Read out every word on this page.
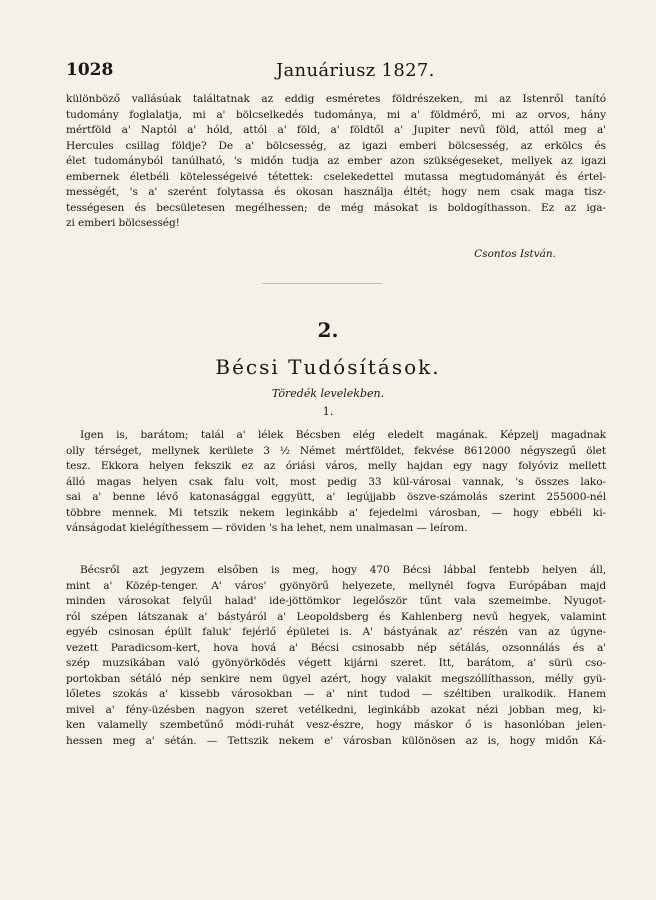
1028	Januáriusz 1827.

különböző vallásúak találtatnak az eddig esméretes földrészeken, mi az Istenről tanító

tudomány foglalatja, mi a' bölcselkedés tudománya, mi a' földmérő, mi az orvos, hány

mértföld a' Naptól a' hóld, attól a' föld, a' földtől a' Jupiter nevű föld, attól meg a'

Hercules csillag földje? De a' bölcsesség, az igazi emberi bölcsesség, az erkölcs és

élet tudományból tanúlható, 's midőn tudja az ember azon szükségeseket, mellyek az igazi

embernek életbéli kötelességeivé tétettek: cselekedettel mutassa megtudományát és értel-

mességét, 's a' szerént folytassa és okosan használja éltét; hogy nem csak maga tisz-

tességesen és becsületesen megélhessen; de még másokat is boldogíthasson. Ez az iga-

zi emberi bölcsesség!

Csontos István.
2.
Bécsi Tudósítások.
Töredék levelekben.
1.

Igen is, barátom; talál a' lélek Bécsben elég eledelt magának. Képzelj magadnak

olly térséget, mellynek kerülete 3 ½ Német mértföldet, fekvése 8612000 négyszegű ölet

tesz. Ekkora helyen fekszik ez az óriási város, melly hajdan egy nagy folyóviz mellett

álló magas helyen csak falu volt, most pedig 33 kül-városai vannak, 's összes lako-

sai a' benne lévő katonasággal eggyütt, a' legújjabb öszve-számolás szerint 255000-nél

többre mennek. Mi tetszik nekem leginkább a' fejedelmi városban, — hogy ebbéli ki-

vánságodat kielégíthessem — röviden 's ha lehet, nem unalmasan — leírom.

Bécsről azt jegyzem elsőben is meg, hogy 470 Bécsi lábbal fentebb helyen áll,

mint a' Közép-tenger. A' város' gyönyörű helyezete, mellynél fogva Európában majd

minden városokat felyűl halad' ide-jöttömkor legelőször tűnt vala szemeimbe. Nyugot-

ról szépen látszanak a' bástyáról a' Leopoldsberg és Kahlenberg nevű hegyek, valamint

egyéb csinosan épült faluk' fejérlő épületei is. A' bástyának az' részén van az úgyne-

vezett Paradicsom-kert, hova hová a' Bécsi csinosabb nép sétálás, ozsonnálás és a'

szép muzsikában való gyönyörködés végett kijárni szeret. Itt, barátom, a' sürü cso-

portokban sétáló nép senkire nem ügyel azért, hogy valakit megszóllíthasson, mélly gyü-

lőletes szokás a' kissebb városokban — a' nint tudod — széltiben uralkodik. Hanem

mivel a' fény-üzésben nagyon szeret vetélkedni, leginkább azokat nézi jobban meg, ki-

ken valamelly szembetűnő módi-ruhát vesz-észre, hogy máskor ő is hasonlóban jelen-

hessen meg a' sétán. — Tettszik nekem e' városban különösen az is, hogy midőn Ká-
